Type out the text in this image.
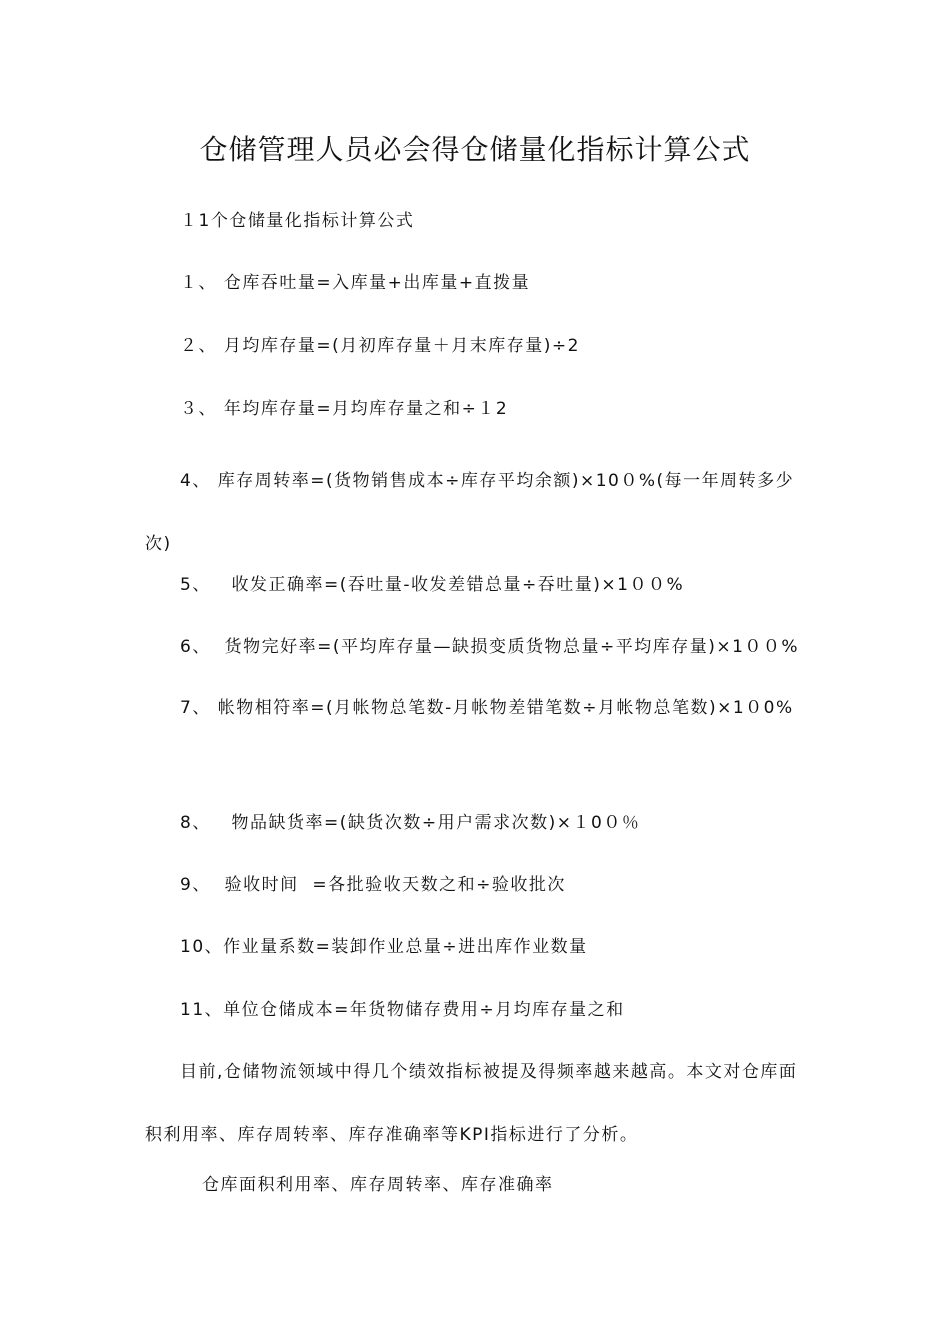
仓储管理人员必会得仓储量化指标计算公式
１1个仓储量化指标计算公式
１、 仓库吞吐量=入库量+出库量+直拨量
２、 月均库存量=(月初库存量＋月末库存量)÷2
３、 年均库存量=月均库存量之和÷１2

4、 库存周转率=(货物销售成本÷库存平均余额)×10０%(每一年周转多少次)

5、   收发正确率=(吞吐量-收发差错总量÷吞吐量)×1００%
6、  货物完好率=(平均库存量—缺损变质货物总量÷平均库存量)×1００%

7、 帐物相符率=(月帐物总笔数-月帐物差错笔数÷月帐物总笔数)×1０0%

8、   物品缺货率=(缺货次数÷用户需求次数)×１0０％
9、  验收时间  =各批验收天数之和÷验收批次
10、作业量系数=装卸作业总量÷进出库作业数量
11、单位仓储成本=年货物储存费用÷月均库存量之和

目前,仓储物流领域中得几个绩效指标被提及得频率越来越高。本文对仓库面积利用率、库存周转率、库存准确率等KPI指标进行了分析。

仓库面积利用率、库存周转率、库存准确率
